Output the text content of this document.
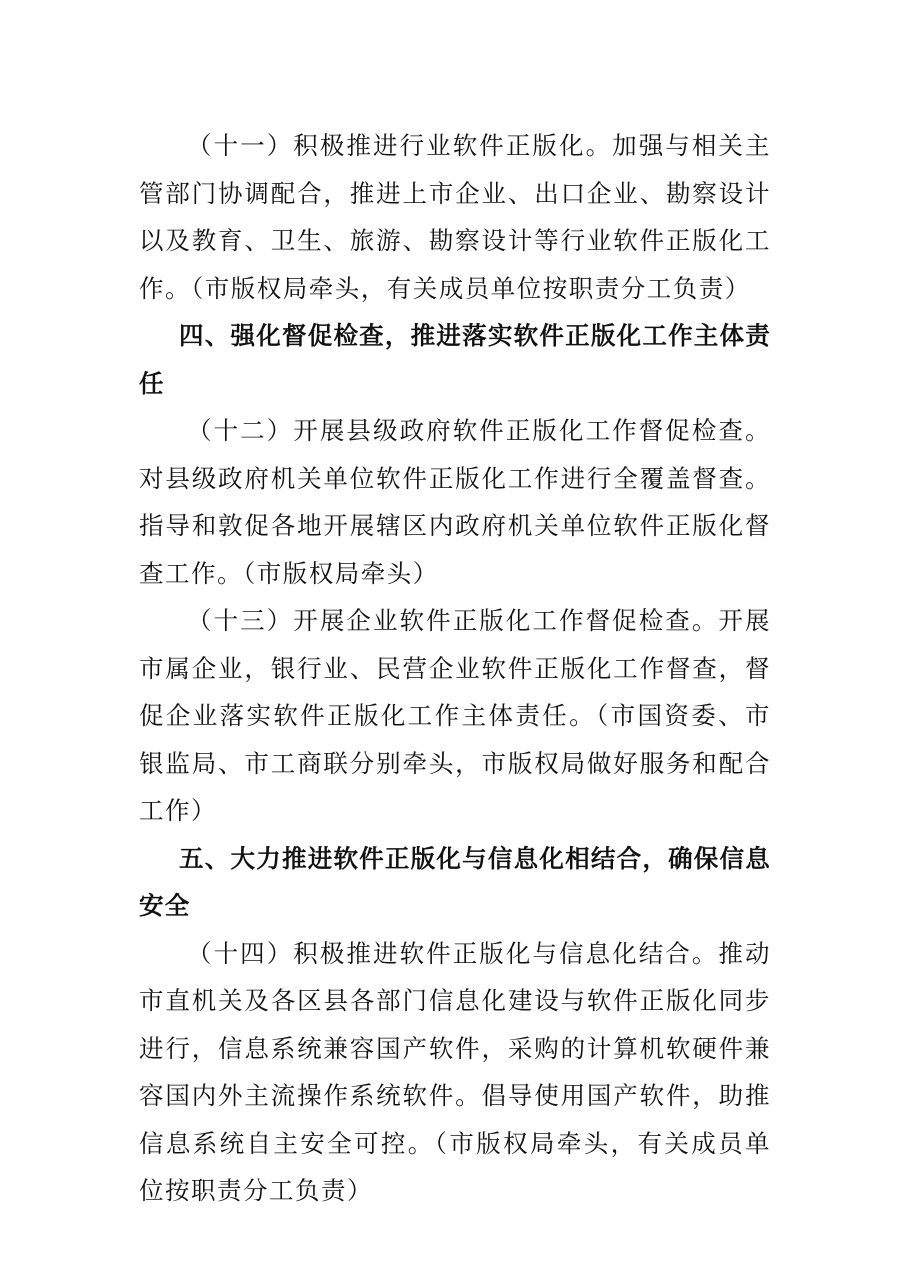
（十一）积极推进行业软件正版化。加强与相关主管部门协调配合，推进上市企业、出口企业、勘察设计以及教育、卫生、旅游、勘察设计等行业软件正版化工作。（市版权局牵头，有关成员单位按职责分工负责）

四、强化督促检查，推进落实软件正版化工作主体责任

（十二）开展县级政府软件正版化工作督促检查。对县级政府机关单位软件正版化工作进行全覆盖督查。指导和敦促各地开展辖区内政府机关单位软件正版化督查工作。（市版权局牵头）

（十三）开展企业软件正版化工作督促检查。开展市属企业，银行业、民营企业软件正版化工作督查，督促企业落实软件正版化工作主体责任。（市国资委、市银监局、市工商联分别牵头，市版权局做好服务和配合工作）

五、大力推进软件正版化与信息化相结合，确保信息安全

（十四）积极推进软件正版化与信息化结合。推动市直机关及各区县各部门信息化建设与软件正版化同步进行，信息系统兼容国产软件，采购的计算机软硬件兼容国内外主流操作系统软件。倡导使用国产软件，助推信息系统自主安全可控。（市版权局牵头，有关成员单位按职责分工负责）
